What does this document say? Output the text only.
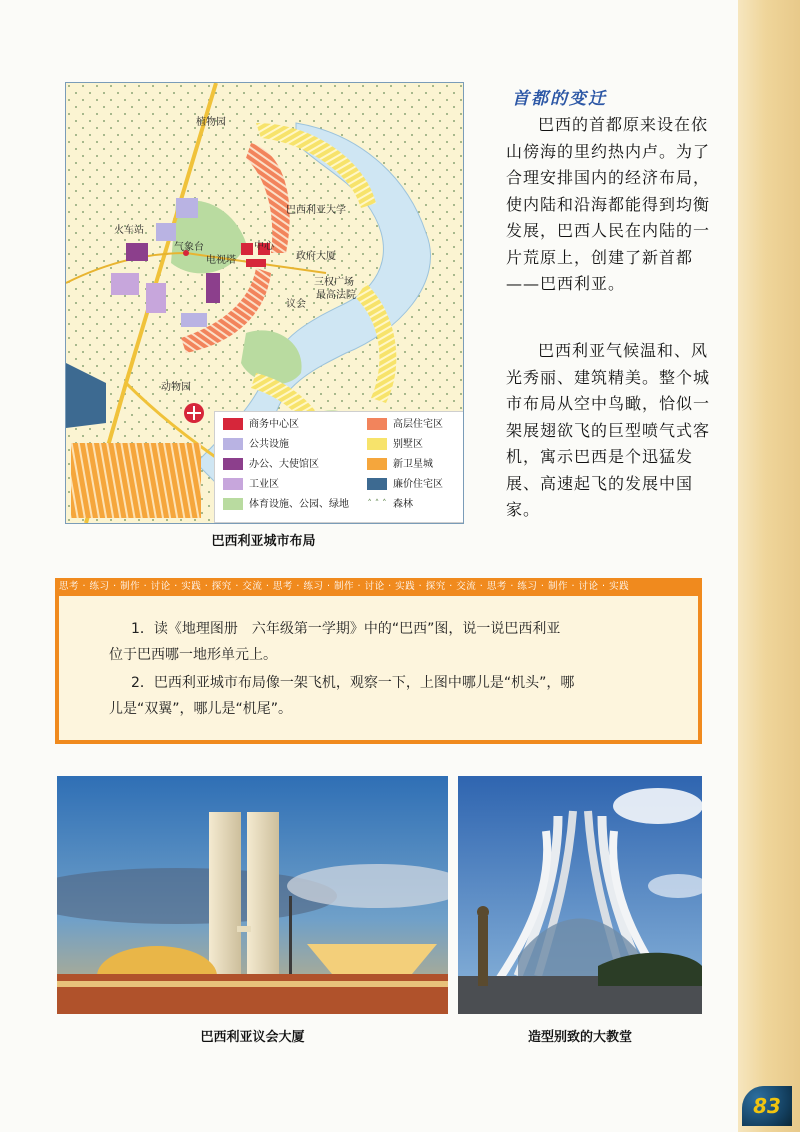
83
植物园
巴西利亚大学
火车站
气象台
电视塔
中心
政府大厦
三权广场
最高法院
议会
动物园
商务中心区	高层住宅区
公共设施	别墅区
办公、大使馆区	新卫星城
工业区	廉价住宅区
体育设施、公园、绿地 ˄ ˄ ˄ 森林
巴西利亚城市布局
首都的变迁
巴西的首都原来设在依山傍海的里约热内卢。为了合理安排国内的经济布局，使内陆和沿海都能得到均衡发展，巴西人民在内陆的一片荒原上，创建了新首都——巴西利亚。
巴西利亚气候温和、风光秀丽、建筑精美。整个城市布局从空中鸟瞰，恰似一架展翅欲飞的巨型喷气式客机，寓示巴西是个迅猛发展、高速起飞的发展中国家。
思考 · 练习 · 制作 · 讨论 · 实践 · 探究 · 交流 · 思考 · 练习 · 制作 · 讨论 · 实践 · 探究 · 交流 · 思考 · 练习 · 制作 · 讨论 · 实践
1．读《地理图册　六年级第一学期》中的“巴西”图，说一说巴西利亚
位于巴西哪一地形单元上。
2．巴西利亚城市布局像一架飞机，观察一下，上图中哪儿是“机头”，哪
儿是“双翼”，哪儿是“机尾”。
巴西利亚议会大厦	造型别致的大教堂
